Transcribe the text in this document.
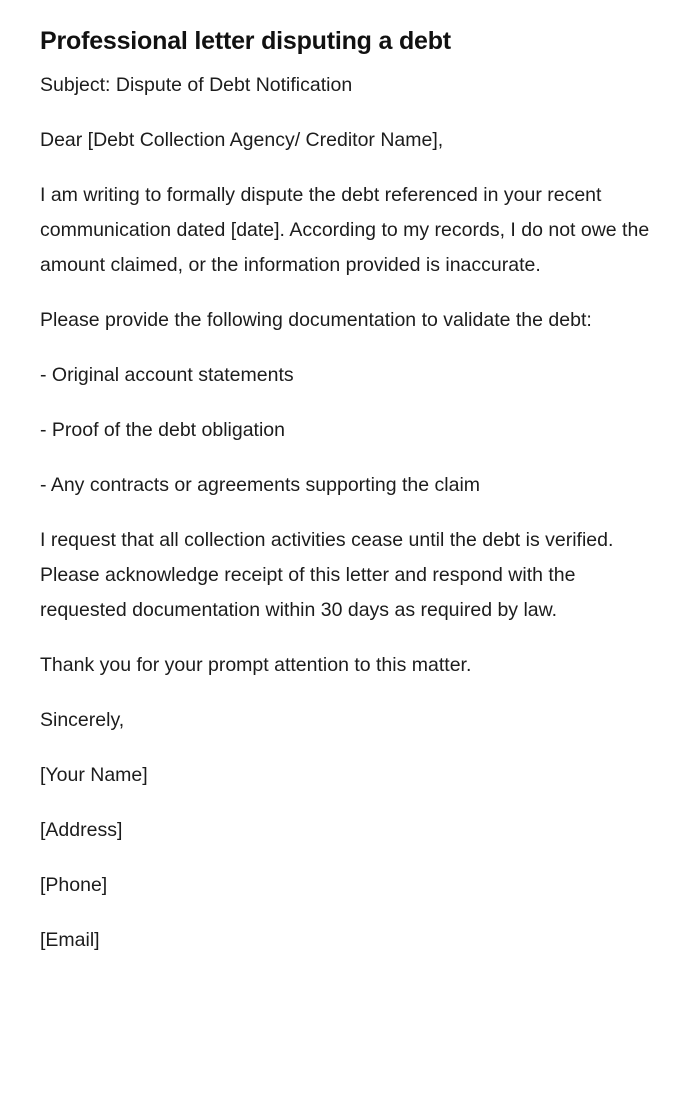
Professional letter disputing a debt

Subject: Dispute of Debt Notification

Dear [Debt Collection Agency/ Creditor Name],

I am writing to formally dispute the debt referenced in your recent communication dated [date]. According to my records, I do not owe the amount claimed, or the information provided is inaccurate.

Please provide the following documentation to validate the debt:

- Original account statements

- Proof of the debt obligation

- Any contracts or agreements supporting the claim

I request that all collection activities cease until the debt is verified. Please acknowledge receipt of this letter and respond with the requested documentation within 30 days as required by law.

Thank you for your prompt attention to this matter.

Sincerely,

[Your Name]

[Address]

[Phone]

[Email]
